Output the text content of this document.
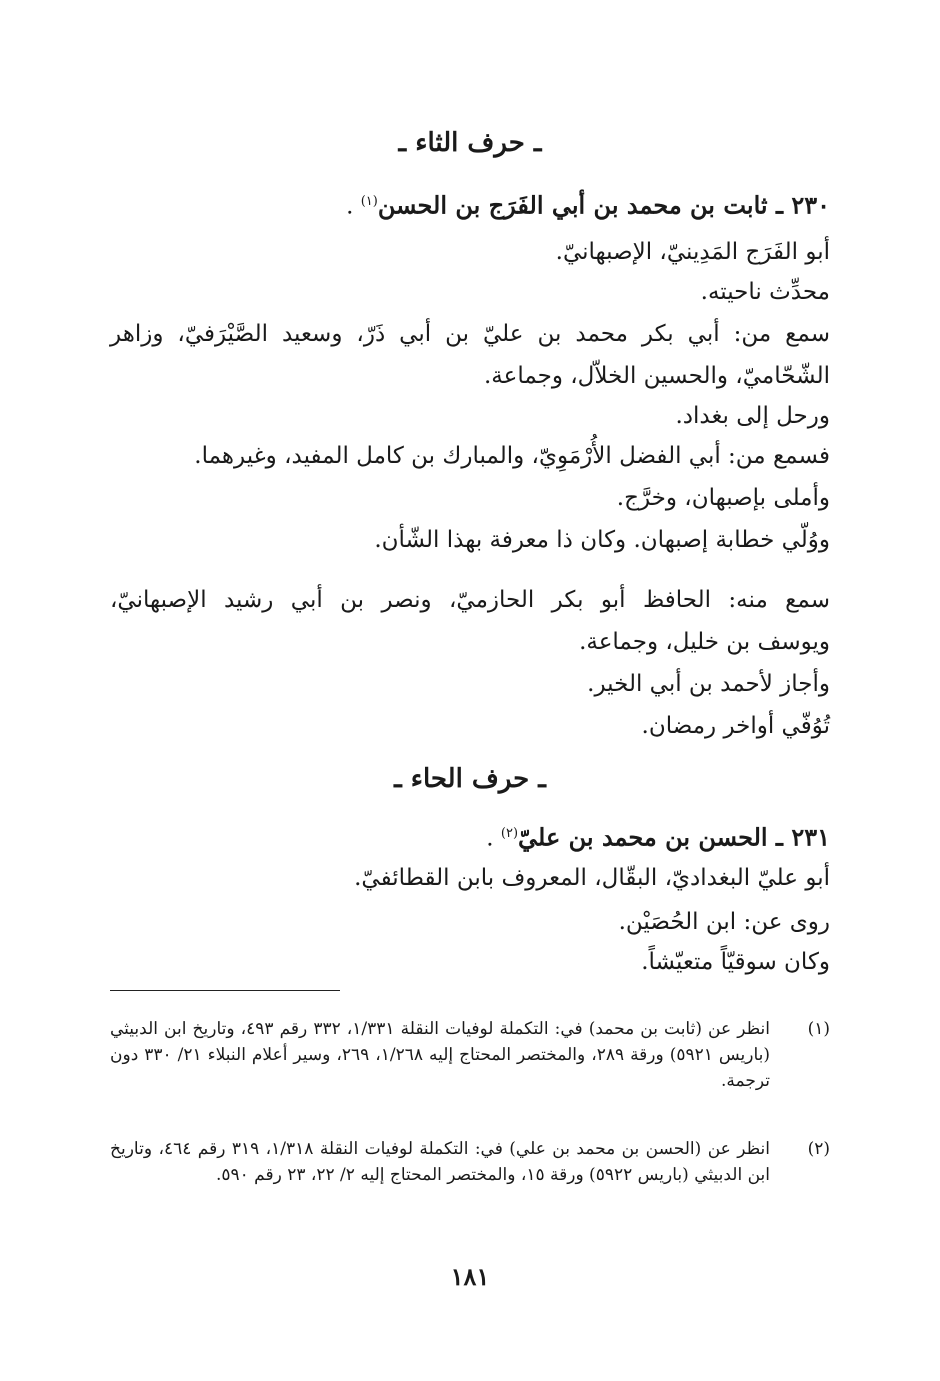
ـ حرف الثاء ـ
٢٣٠ ـ ثابت بن محمد بن أبي الفَرَج بن الحسن$^{(١)}$ .
أبو الفَرَج المَدِينيّ، الإصبهانيّ.
محدِّث ناحيته.
سمع من: أبي بكر محمد بن عليّ بن أبي ذَرّ، وسعيد الصَّيْرَفيّ، وزاهر
الشّحّاميّ، والحسين الخلاّل، وجماعة.
ورحل إلى بغداد.
فسمع من: أبي الفضل الأُرْمَوِيّ، والمبارك بن كامل المفيد، وغيرهما.
وأملى بإصبهان، وخرَّج.
ووُلّي خطابة إصبهان. وكان ذا معرفة بهذا الشّأن.
سمع منه: الحافظ أبو بكر الحازميّ، ونصر بن أبي رشيد الإصبهانيّ،
ويوسف بن خليل، وجماعة.
وأجاز لأحمد بن أبي الخير.
تُوُفّي أواخر رمضان.
ـ حرف الحاء ـ
٢٣١ ـ الحسن بن محمد بن عليّ$^{(٢)}$ .
أبو عليّ البغداديّ، البقّال، المعروف بابن القطائفيّ.
روى عن: ابن الحُصَيْن.
وكان سوقيّاً متعيّشاً.
(١)
انظر عن (ثابت بن محمد) في: التكملة لوفيات النقلة ١/٣٣١، ٣٣٢ رقم ٤٩٣، وتاريخ ابن الدبيثي (باريس ٥٩٢١) ورقة ٢٨٩، والمختصر المحتاج إليه ١/٢٦٨، ٢٦٩، وسير أعلام النبلاء ٢١/ ٣٣٠ دون ترجمة.
(٢)
انظر عن (الحسن بن محمد بن علي) في: التكملة لوفيات النقلة ١/٣١٨، ٣١٩ رقم ٤٦٤، وتاريخ ابن الدبيثي (باريس ٥٩٢٢) ورقة ١٥، والمختصر المحتاج إليه ٢/ ٢٢، ٢٣ رقم ٥٩٠.
١٨١
